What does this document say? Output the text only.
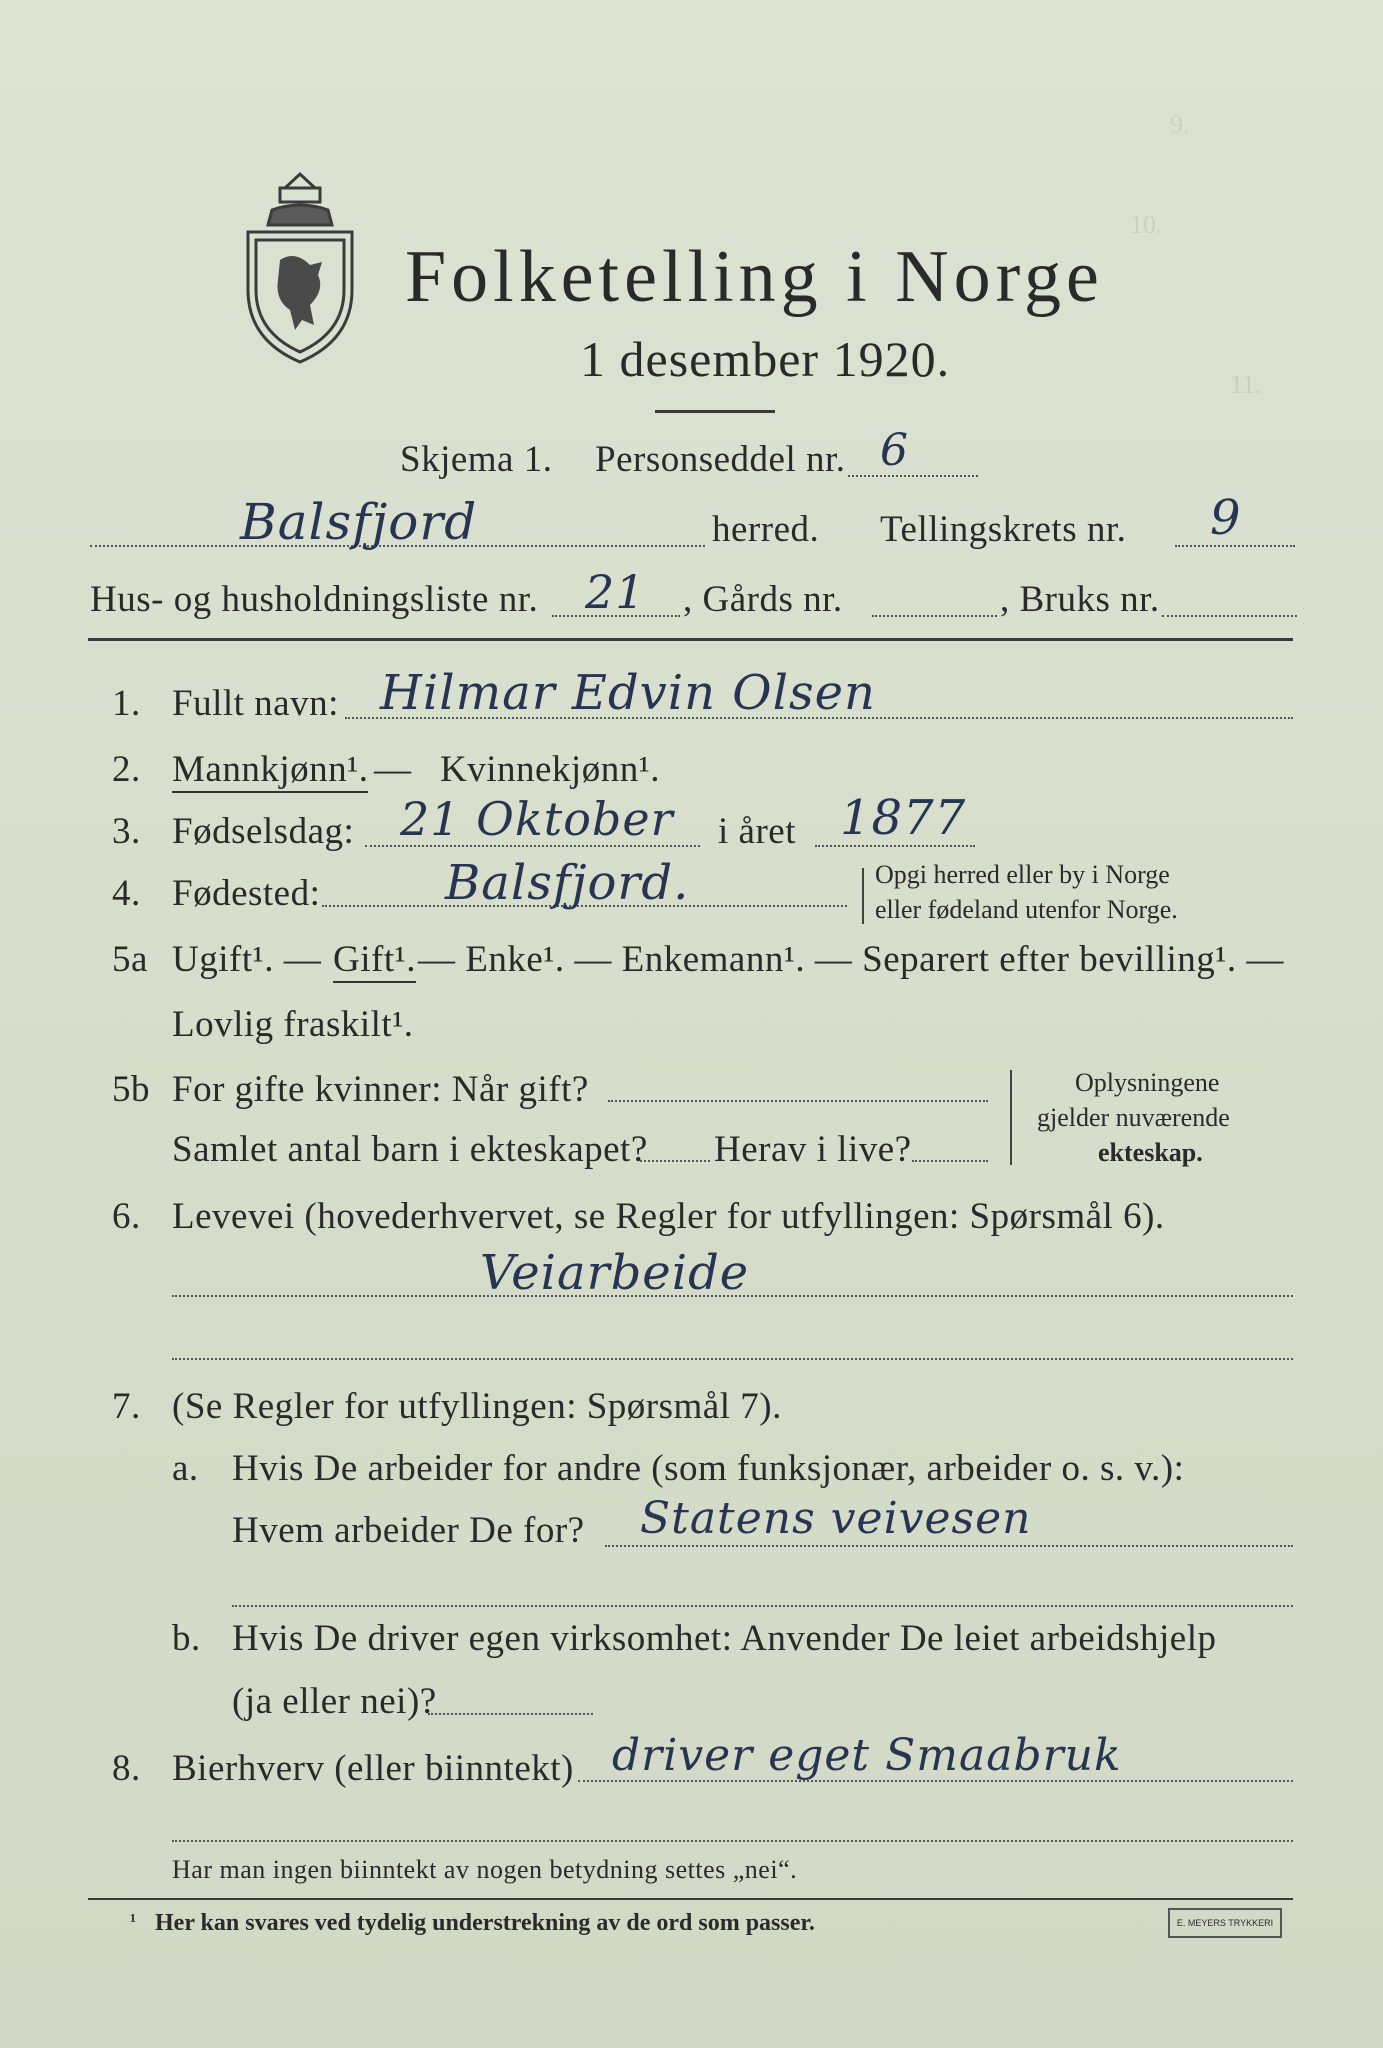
9.
10.
11.
Folketelling i Norge
1 desember 1920.
Skjema 1. Personseddel nr. 6
Balsfjord	herred. Tellingskrets nr. 9
Hus- og husholdningsliste nr. 21 , Gårds nr.	, Bruks nr.
1. Fullt navn: Hilmar Edvin Olsen
2. Mannkjønn¹. — Kvinnekjønn¹.
3. Fødselsdag: 21 Oktober i året 1877
4. Fødested:	Balsfjord.	Opgi herred eller by i Norge
eller fødeland utenfor Norge.
5a Ugift¹. — Gift¹. — Enke¹. — Enkemann¹. — Separert efter bevilling¹. —
Lovlig fraskilt¹.
5b For gifte kvinner: Når gift?
Samlet antal barn i ekteskapet? Herav i live?
Oplysningene
gjelder nuværende
ekteskap.
6. Levevei (hovederhvervet, se Regler for utfyllingen: Spørsmål 6).
Veiarbeide
7. (Se Regler for utfyllingen: Spørsmål 7).
a. Hvis De arbeider for andre (som funksjonær, arbeider o. s. v.):
Hvem arbeider De for? Statens veivesen
b. Hvis De driver egen virksomhet: Anvender De leiet arbeidshjelp
(ja eller nei)?
8. Bierhverv (eller biinntekt) driver eget Smaabruk
Har man ingen biinntekt av nogen betydning settes „nei“.
¹ Her kan svares ved tydelig understrekning av de ord som passer.	E. MEYERS TRYKKERI
